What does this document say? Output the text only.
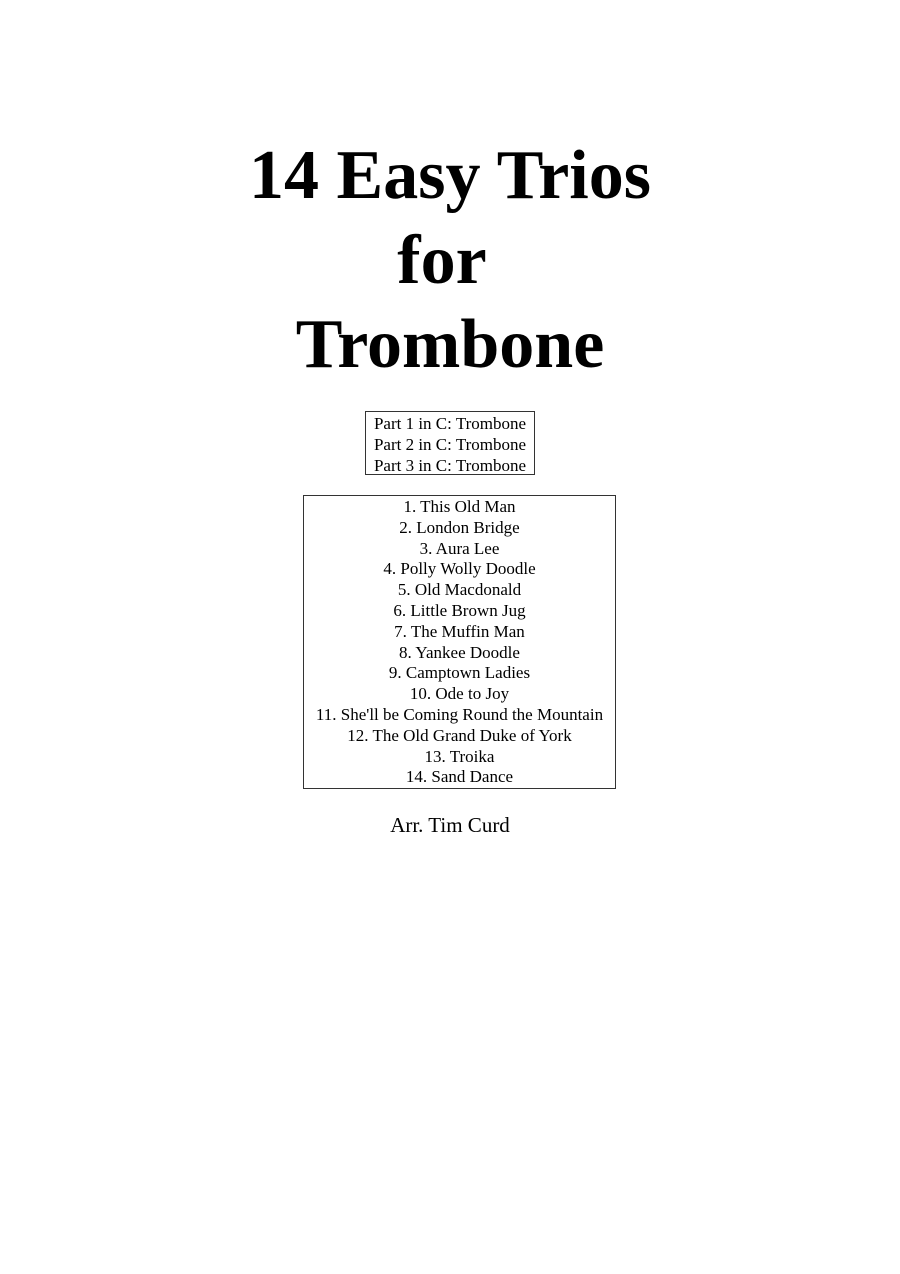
14 Easy Trios
for
Trombone
Part 1 in C: Trombone
Part 2 in C: Trombone
Part 3 in C: Trombone
1. This Old Man
2. London Bridge
3. Aura Lee
4. Polly Wolly Doodle
5. Old Macdonald
6. Little Brown Jug
7. The Muffin Man
8. Yankee Doodle
9. Camptown Ladies
10. Ode to Joy
11. She'll be Coming Round the Mountain
12. The Old Grand Duke of York
13. Troika
14. Sand Dance
Arr. Tim Curd
